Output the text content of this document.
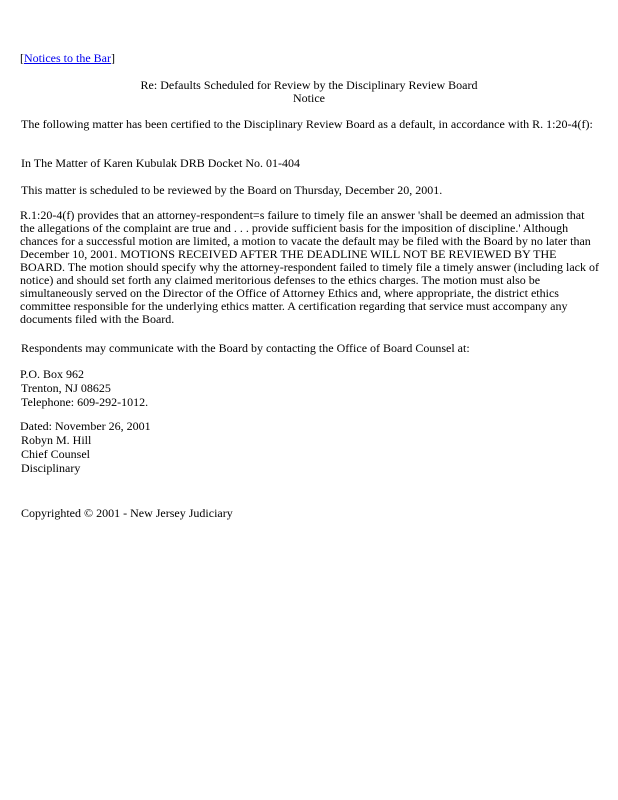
[Notices to the Bar]
Re: Defaults Scheduled for Review by the Disciplinary Review Board
Notice
The following matter has been certified to the Disciplinary Review Board as a default, in accordance with R. 1:20-4(f):
In The Matter of Karen Kubulak DRB Docket No. 01-404
This matter is scheduled to be reviewed by the Board on Thursday, December 20, 2001.
R.1:20-4(f) provides that an attorney-respondent=s failure to timely file an answer 'shall be deemed an admission that the allegations of the complaint are true and . . . provide sufficient basis for the imposition of discipline.' Although chances for a successful motion are limited, a motion to vacate the default may be filed with the Board by no later than December 10, 2001. MOTIONS RECEIVED AFTER THE DEADLINE WILL NOT BE REVIEWED BY THE BOARD. The motion should specify why the attorney-respondent failed to timely file a timely answer (including lack of notice) and should set forth any claimed meritorious defenses to the ethics charges. The motion must also be simultaneously served on the Director of the Office of Attorney Ethics and, where appropriate, the district ethics committee responsible for the underlying ethics matter. A certification regarding that service must accompany any documents filed with the Board.
Respondents may communicate with the Board by contacting the Office of Board Counsel at:
P.O. Box 962
Trenton, NJ 08625
Telephone: 609-292-1012.
Dated: November 26, 2001
Robyn M. Hill
Chief Counsel
Disciplinary
Copyrighted © 2001 - New Jersey Judiciary
